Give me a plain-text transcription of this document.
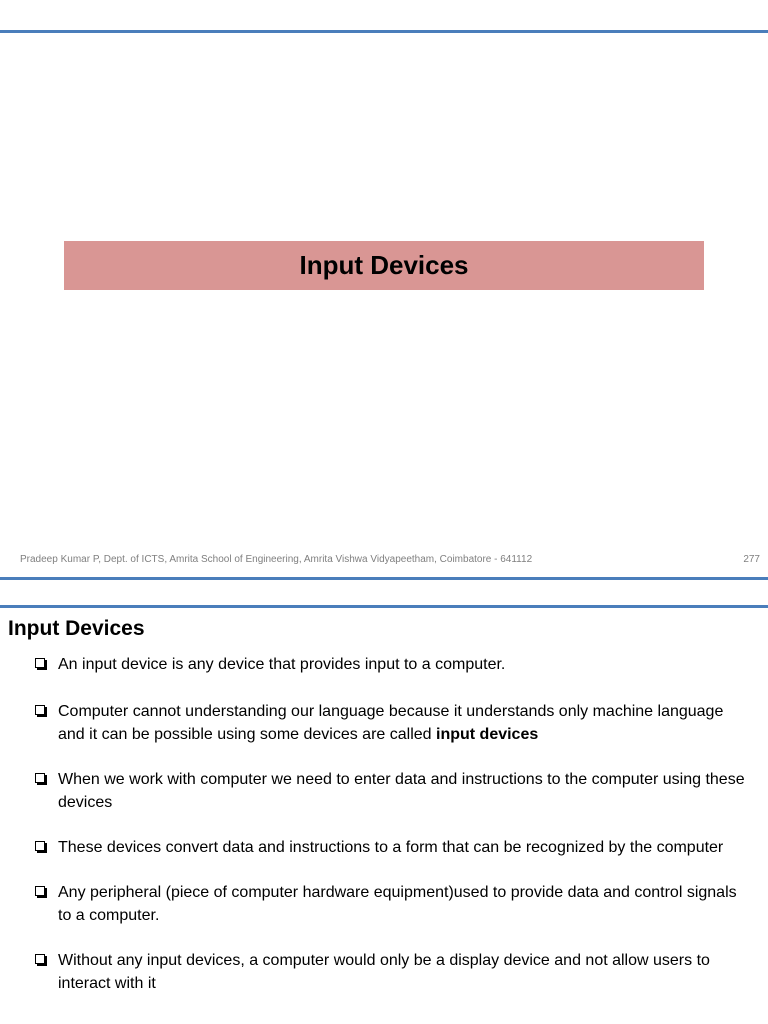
Input Devices
Pradeep Kumar P, Dept. of ICTS, Amrita School of Engineering, Amrita Vishwa Vidyapeetham, Coimbatore - 641112	277
Input Devices
An input device is any device that provides input to a computer.
Computer cannot understanding our language because it understands only machine language and it can be possible using some devices are called input devices
When we work with computer we need to enter data and instructions to the computer using these devices
These devices convert data and instructions to a form that can be recognized by the computer
Any peripheral (piece of computer hardware equipment)used to provide data and control signals to a computer.
Without any input devices, a computer would only be a display device and not allow users to interact with it
